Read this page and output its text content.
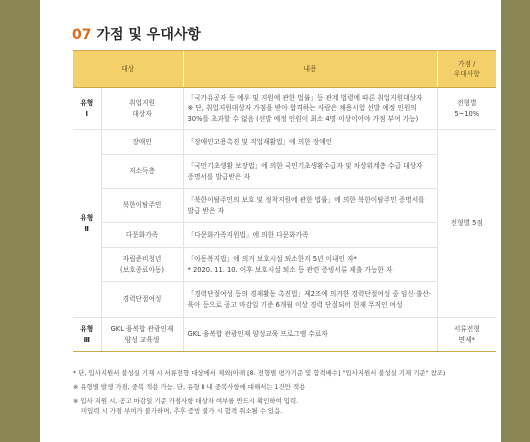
07 가점 및 우대사항
대상		내용	가점 /
우대사항

유형
Ⅰ	취업지원
대상자	「국가유공자 등 예우 및 지원에 관한 법률」등 관계 법령에 따른 취업지원대상자
※ 단, 취업지원대상자 가점을 받아 합격하는 사람은 채용시험 선발 예정 인원의
30%를 초과할 수 없음 (선발 예정 인원이 최소 4명 이상이어야 가점 부여 가능)	전형별
5~10%

유형
Ⅱ	장애인	「장애인고용촉진 및 직업재활법」에 의한 장애인	전형별 5점
	저소득층	「국민기초생활 보장법」에 의한 국민기초생활수급자 및 차상위계층 수급 대상자
증명서를 발급받은 자	

	북한이탈주민	「북한이탈주민의 보호 및 정착지원에 관한 법률」에 의한 북한이탈주민 증명서를
발급 받은 자	

	다문화가족	「다문화가족지원법」에 의한 다문화가족	

	자립준비청년
(보호종료아동)	「아동복지법」에 의거 보호시설 퇴소한지 5년 이내인 자*
* 2020. 11. 10. 이후 보호시설 퇴소 등 관련 증빙서류 제출 가능한 자	

	경력단절여성	「경력단절여성 등의 경제활동 촉진법」제2조에 의거한 경력단절여성 중 임신·출산·
육아 등으로 공고 마감일 기준 6개월 이상 경력 단절되어 현재 무직인 여성	

유형
Ⅲ	GKL 융복합 관광인재
양성 교육생	GKL 융복합 관광인재 양성교육 프로그램 수료자	서류전형
면제*

* 단, 입사지원서 불성실 기재 시 서류전형 대상에서 제외(아래 [8. 전형별 평가기준 및 합격배수] "입사지원서 불성실 기재 기준" 참조)

※ 유형별 발생 가점, 중복 적용 가능. 단, 유형 Ⅱ 내 중복사항에 대해서는 1건만 적용

※ 입사 지원 시, 공고 마감일 기준 가점사항 대상자 여부를 반드시 확인하여 입력.
미입력 시 가점 부여가 불가하며, 추후 증빙 불가 시 합격 취소될 수 있음.
